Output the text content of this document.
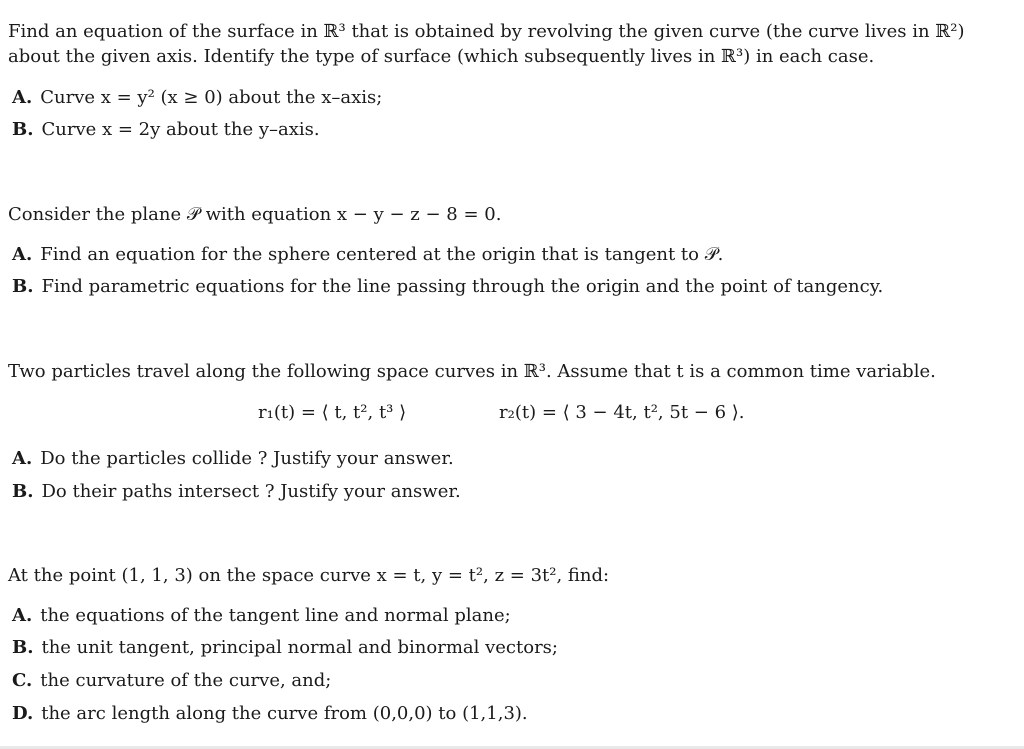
Find an equation of the surface in ℝ³ that is obtained by revolving the given curve (the curve lives in ℝ²) about the given axis. Identify the type of surface (which subsequently lives in ℝ³) in each case.

A. Curve x = y² (x ≥ 0) about the x–axis;
B. Curve x = 2y about the y–axis.

Consider the plane 𝒫 with equation x − y − z − 8 = 0.

A. Find an equation for the sphere centered at the origin that is tangent to 𝒫.
B. Find parametric equations for the line passing through the origin and the point of tangency.

Two particles travel along the following space curves in ℝ³. Assume that t is a common time variable.

r₁(t) = ⟨ t, t², t³ ⟩	r₂(t) = ⟨ 3 − 4t, t², 5t − 6 ⟩.
A. Do the particles collide ? Justify your answer.
B. Do their paths intersect ? Justify your answer.

At the point (1, 1, 3) on the space curve x = t, y = t², z = 3t², find:

A. the equations of the tangent line and normal plane;
B. the unit tangent, principal normal and binormal vectors;
C. the curvature of the curve, and;
D. the arc length along the curve from (0,0,0) to (1,1,3).
